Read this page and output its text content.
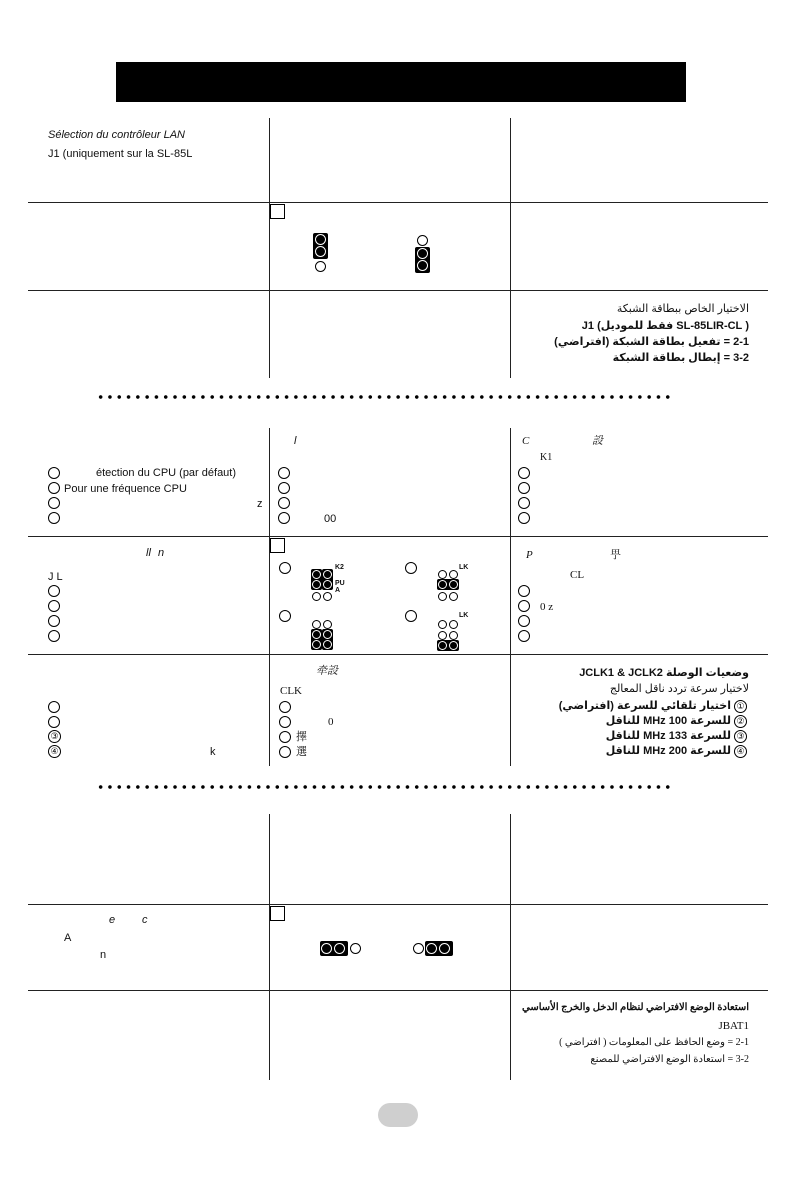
Sélection du contrôleur LAN
J1 (uniquement sur la SL-85L
الاختيار الخاص ببطاقة الشبكة
( SL-85LIR-CL فقط للموديل) J1
2-1 = تفعيل بطاقة الشبكة (افتراضي)
3-2 = إبطال بطاقة الشبكة
étection du CPU (par défaut)
Pour une fréquence CPU
z
l
00
C	設
K1
ll n
J L
K2
PU
A
LK
LK
P	甼
CL
0 z
③
④	k
牵設
CLK
0
擇
選
وضعيات الوصلة JCLK1 & JCLK2
لاختيار سرعة تردد ناقل المعالج
اختيار تلقائي للسرعة (افتراضي)
للسرعة 100 MHz للناقل
للسرعة 133 MHz للناقل
للسرعة 200 MHz للناقل
①
②
③
④
e c
A
n
استعادة الوضع الافتراضي لنظام الدخل والخرج الأساسي
JBAT1
2-1 = وضع الحافظ على المعلومات ( افتراضي )
3-2 = استعادة الوضع الافتراضي للمصنع
